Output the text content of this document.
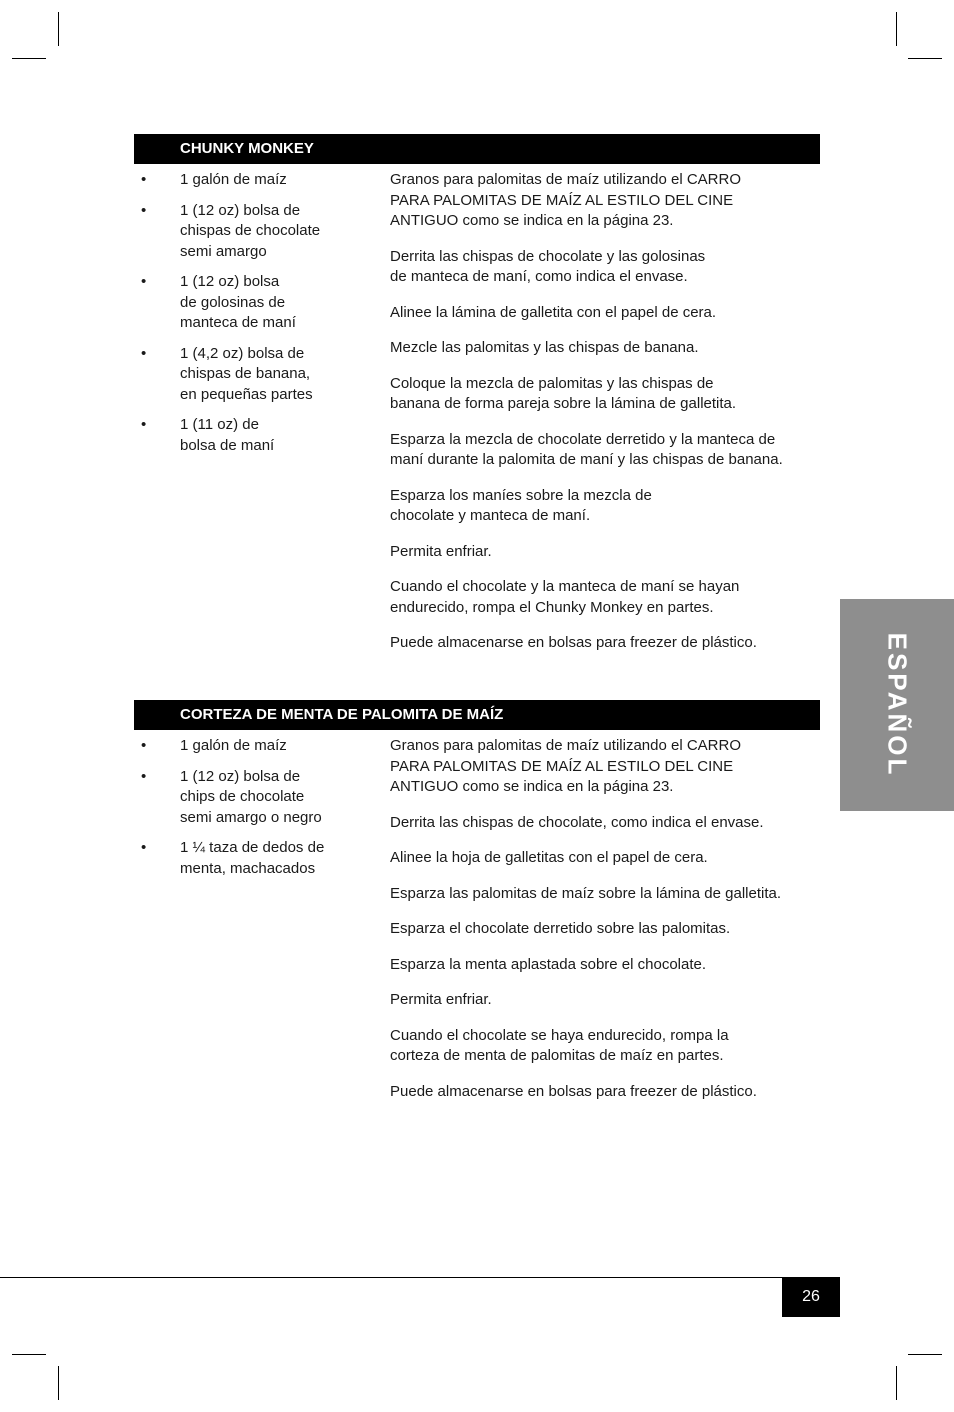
CHUNKY MONKEY
• 1 galón de maíz
• 1 (12 oz) bolsa de
chispas de chocolate
semi amargo
• 1 (12 oz) bolsa
de golosinas de
manteca de maní
• 1 (4,2 oz) bolsa de
chispas de banana,
en pequeñas partes
• 1 (11 oz) de
bolsa de maní

Granos para palomitas de maíz utilizando el CARRO
PARA PALOMITAS DE MAÍZ AL ESTILO DEL CINE
ANTIGUO como se indica en la página 23.

Derrita las chispas de chocolate y las golosinas
de manteca de maní, como indica el envase.

Alinee la lámina de galletita con el papel de cera.

Mezcle las palomitas y las chispas de banana.

Coloque la mezcla de palomitas y las chispas de
banana de forma pareja sobre la lámina de galletita.

Esparza la mezcla de chocolate derretido y la manteca de
maní durante la palomita de maní y las chispas de banana.

Esparza los maníes sobre la mezcla de
chocolate y manteca de maní.

Permita enfriar.

Cuando el chocolate y la manteca de maní se hayan
endurecido, rompa el Chunky Monkey en partes.

Puede almacenarse en bolsas para freezer de plástico.

CORTEZA DE MENTA DE PALOMITA DE MAÍZ
• 1 galón de maíz
• 1 (12 oz) bolsa de
chips de chocolate
semi amargo o negro
• 1 ¼ taza de dedos de
menta, machacados

Granos para palomitas de maíz utilizando el CARRO
PARA PALOMITAS DE MAÍZ AL ESTILO DEL CINE
ANTIGUO como se indica en la página 23.

Derrita las chispas de chocolate, como indica el envase.

Alinee la hoja de galletitas con el papel de cera.

Esparza las palomitas de maíz sobre la lámina de galletita.

Esparza el chocolate derretido sobre las palomitas.

Esparza la menta aplastada sobre el chocolate.

Permita enfriar.

Cuando el chocolate se haya endurecido, rompa la
corteza de menta de palomitas de maíz en partes.

Puede almacenarse en bolsas para freezer de plástico.

ESPAÑOL
26
